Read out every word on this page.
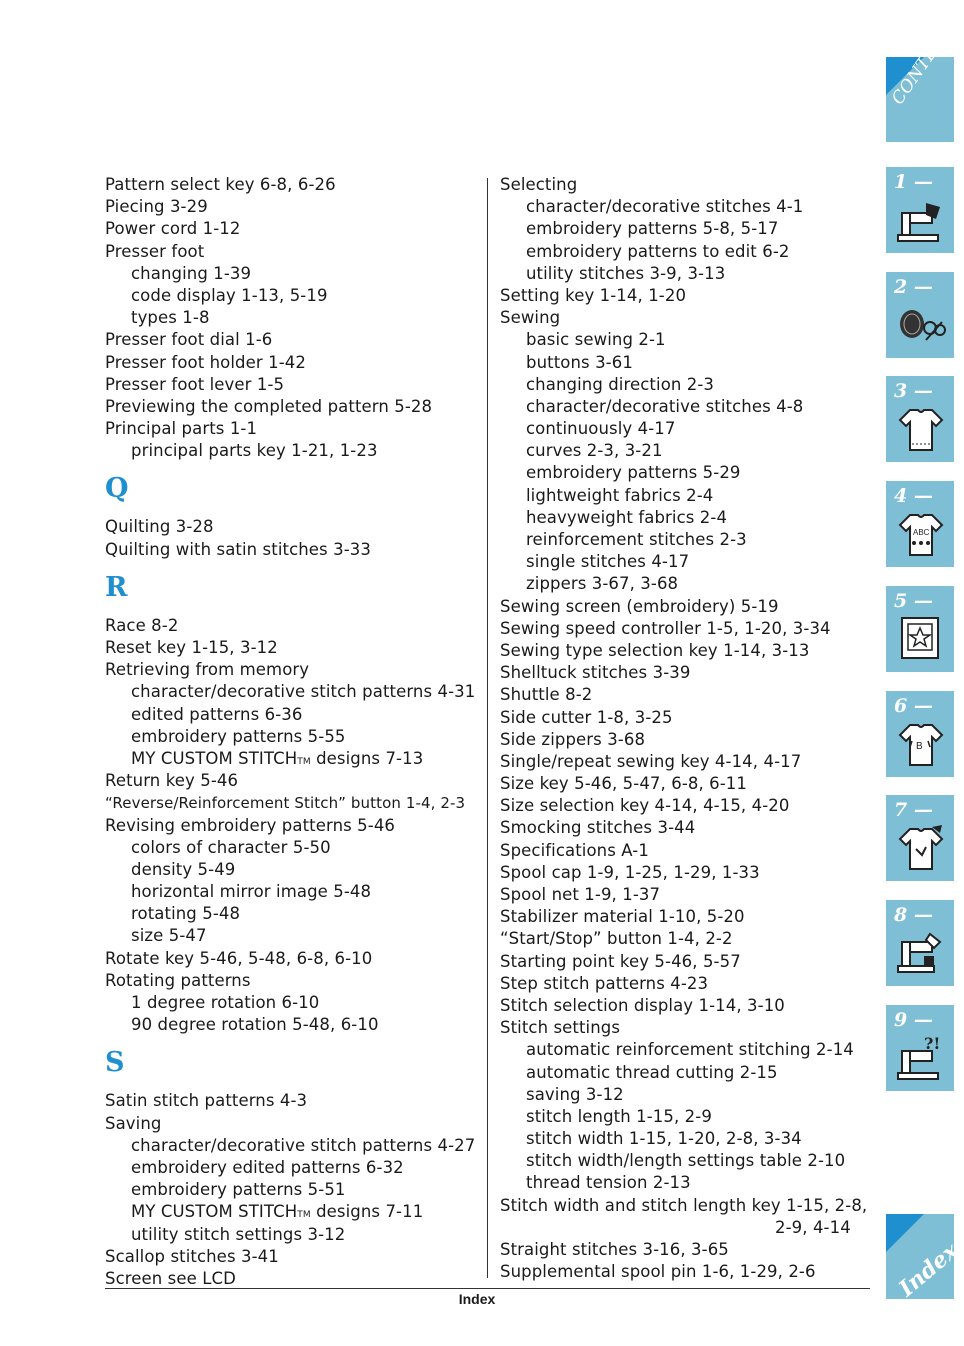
Pattern select key 6-8, 6-26
Piecing 3-29
Power cord 1-12
Presser foot
changing 1-39
code display 1-13, 5-19
types 1-8
Presser foot dial 1-6
Presser foot holder 1-42
Presser foot lever 1-5
Previewing the completed pattern 5-28
Principal parts 1-1
principal parts key 1-21, 1-23
Q
Quilting 3-28
Quilting with satin stitches 3-33
R
Race 8-2
Reset key 1-15, 3-12
Retrieving from memory
character/decorative stitch patterns 4-31
edited patterns 6-36
embroidery patterns 5-55
MY CUSTOM STITCHTM designs 7-13
Return key 5-46
“Reverse/Reinforcement Stitch” button 1-4, 2-3
Revising embroidery patterns 5-46
colors of character 5-50
density 5-49
horizontal mirror image 5-48
rotating 5-48
size 5-47
Rotate key 5-46, 5-48, 6-8, 6-10
Rotating patterns
1 degree rotation 6-10
90 degree rotation 5-48, 6-10
S
Satin stitch patterns 4-3
Saving
character/decorative stitch patterns 4-27
embroidery edited patterns 6-32
embroidery patterns 5-51
MY CUSTOM STITCHTM designs 7-11
utility stitch settings 3-12
Scallop stitches 3-41
Screen see LCD
Selecting
character/decorative stitches 4-1
embroidery patterns 5-8, 5-17
embroidery patterns to edit 6-2
utility stitches 3-9, 3-13
Setting key 1-14, 1-20
Sewing
basic sewing 2-1
buttons 3-61
changing direction 2-3
character/decorative stitches 4-8
continuously 4-17
curves 2-3, 3-21
embroidery patterns 5-29
lightweight fabrics 2-4
heavyweight fabrics 2-4
reinforcement stitches 2-3
single stitches 4-17
zippers 3-67, 3-68
Sewing screen (embroidery) 5-19
Sewing speed controller 1-5, 1-20, 3-34
Sewing type selection key 1-14, 3-13
Shelltuck stitches 3-39
Shuttle 8-2
Side cutter 1-8, 3-25
Side zippers 3-68
Single/repeat sewing key 4-14, 4-17
Size key 5-46, 5-47, 6-8, 6-11
Size selection key 4-14, 4-15, 4-20
Smocking stitches 3-44
Specifications A-1
Spool cap 1-9, 1-25, 1-29, 1-33
Spool net 1-9, 1-37
Stabilizer material 1-10, 5-20
“Start/Stop” button 1-4, 2-2
Starting point key 5-46, 5-57
Step stitch patterns 4-23
Stitch selection display 1-14, 3-10
Stitch settings
automatic reinforcement stitching 2-14
automatic thread cutting 2-15
saving 3-12
stitch length 1-15, 2-9
stitch width 1-15, 1-20, 2-8, 3-34
stitch width/length settings table 2-10
thread tension 2-13
Stitch width and stitch length key 1-15, 2-8,
2-9, 4-14
Straight stitches 3-16, 3-65
Supplemental spool pin 1-6, 1-29, 2-6
Index
CONTENTS
1 —
2 —
3 —
4 —
ABC
5 —
6 —
B
7 —
8 —
9 —
?!
Index
